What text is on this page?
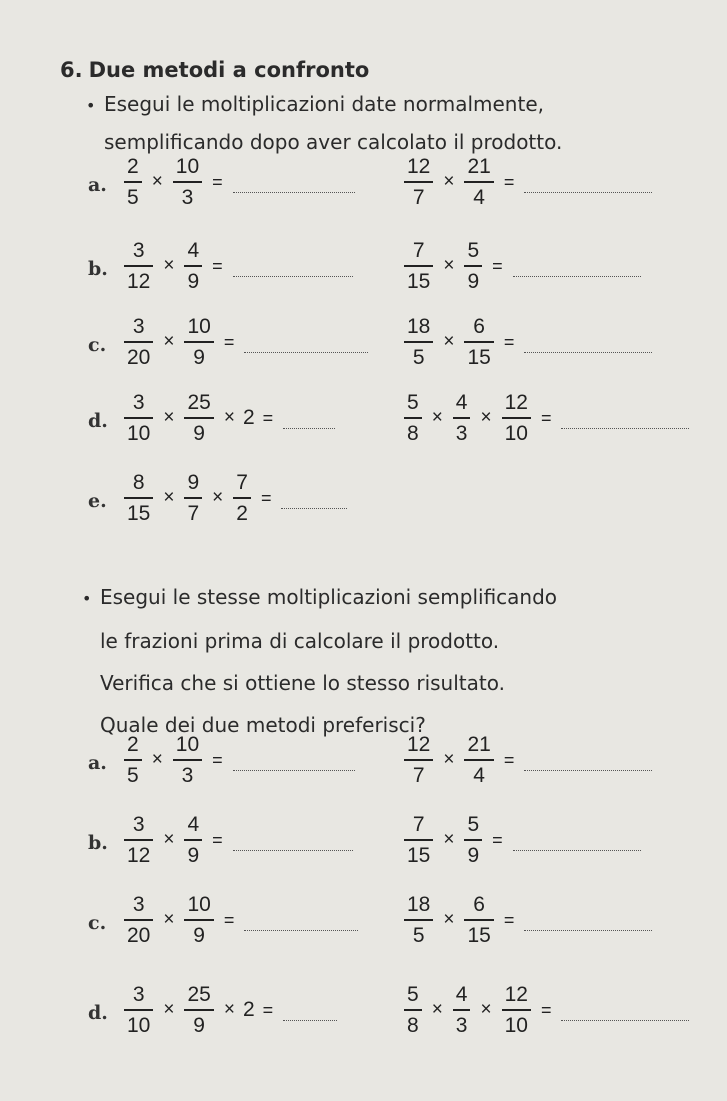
6. Due metodi a confronto
• Esegui le moltiplicazioni date normalmente,
semplificando dopo aver calcolato il prodotto.
a. $\frac{2}{5} \times \frac{10}{3}$ =	$\frac{12}{7} \times \frac{21}{4}$ =
b. $\frac{3}{12} \times \frac{4}{9}$ =	$\frac{7}{15} \times \frac{5}{9}$ =
c. $\frac{3}{20} \times \frac{10}{9}$ =	$\frac{18}{5} \times \frac{6}{15}$ =
d. $\frac{3}{10} \times \frac{25}{9} \times 2$ =	$\frac{5}{8} \times \frac{4}{3} \times \frac{12}{10}$ =
e. $\frac{8}{15} \times \frac{9}{7} \times \frac{7}{2}$ =
• Esegui le stesse moltiplicazioni semplificando
le frazioni prima di calcolare il prodotto.
Verifica che si ottiene lo stesso risultato.
Quale dei due metodi preferisci?
a. $\frac{2}{5} \times \frac{10}{3}$ =	$\frac{12}{7} \times \frac{21}{4}$ =
b. $\frac{3}{12} \times \frac{4}{9}$ =	$\frac{7}{15} \times \frac{5}{9}$ =
c. $\frac{3}{20} \times \frac{10}{9}$ =	$\frac{18}{5} \times \frac{6}{15}$ =
d. $\frac{3}{10} \times \frac{25}{9} \times 2$ =	$\frac{5}{8} \times \frac{4}{3} \times \frac{12}{10}$ =
